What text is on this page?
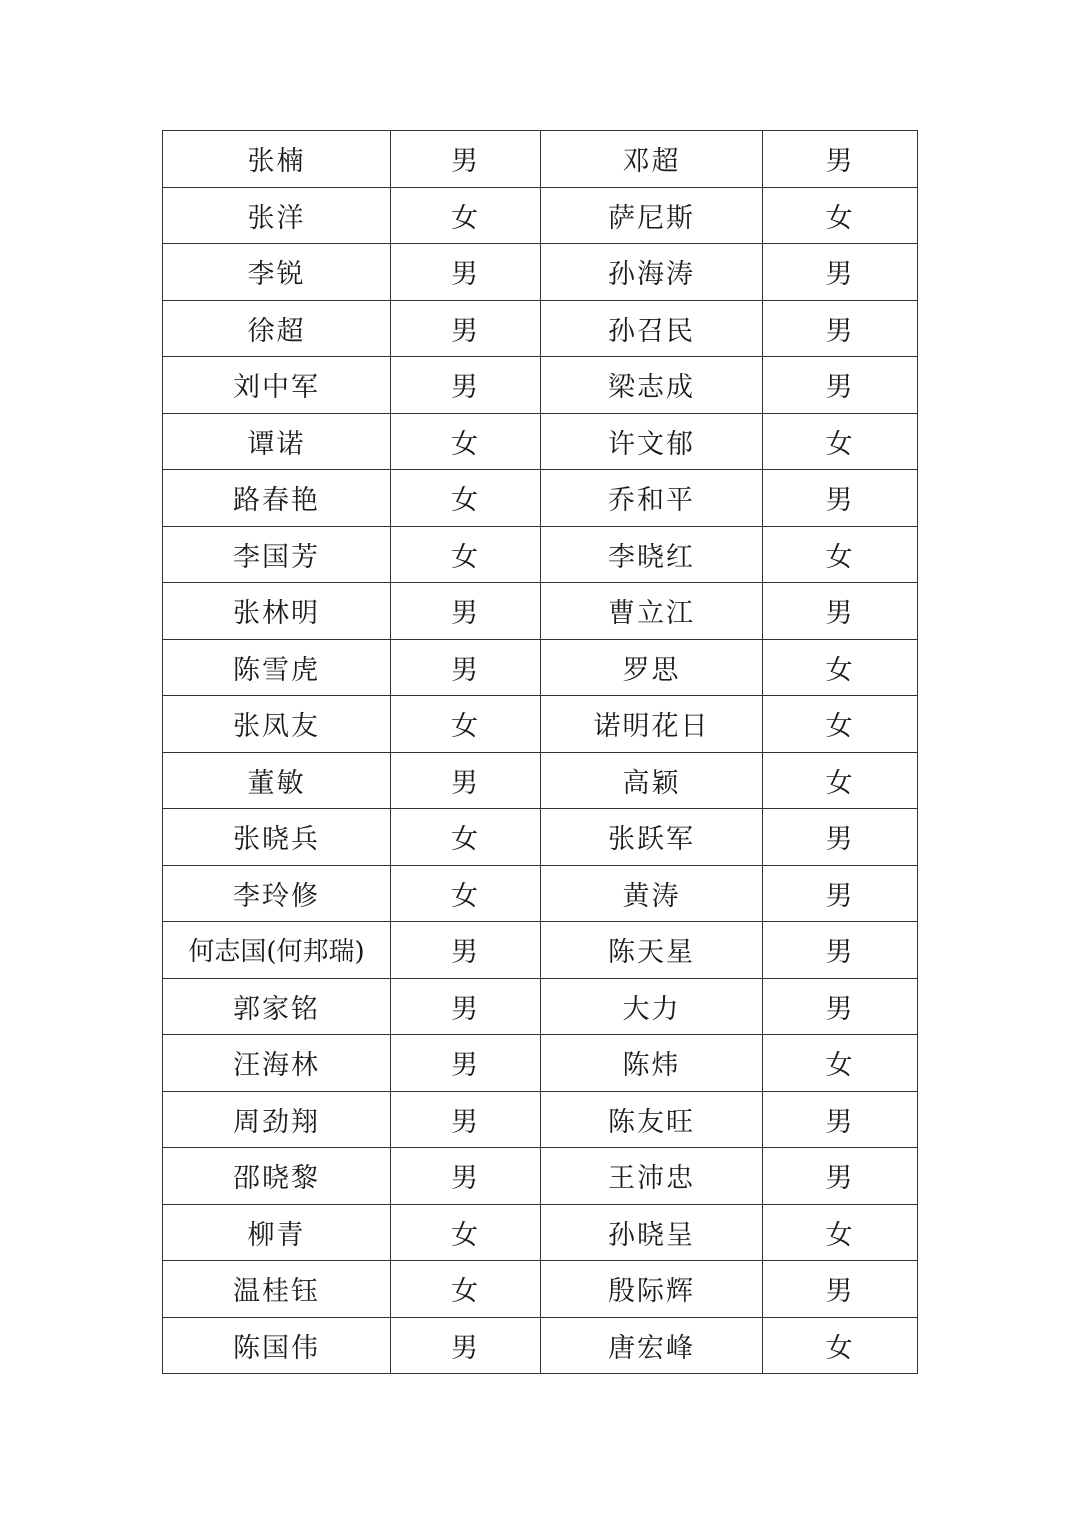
张楠	男	邓超	男
张洋	女	萨尼斯	女
李锐	男	孙海涛	男
徐超	男	孙召民	男
刘中军	男	梁志成	男
谭诺	女	许文郁	女
路春艳	女	乔和平	男
李国芳	女	李晓红	女
张林明	男	曹立江	男
陈雪虎	男	罗思	女
张凤友	女	诺明花日	女
董敏	男	高颖	女
张晓兵	女	张跃军	男
李玲修	女	黄涛	男
何志国(何邦瑞)	男	陈天星	男
郭家铭	男	大力	男
汪海林	男	陈炜	女
周劲翔	男	陈友旺	男
邵晓黎	男	王沛忠	男
柳青	女	孙晓呈	女
温桂钰	女	殷际辉	男
陈国伟	男	唐宏峰	女
